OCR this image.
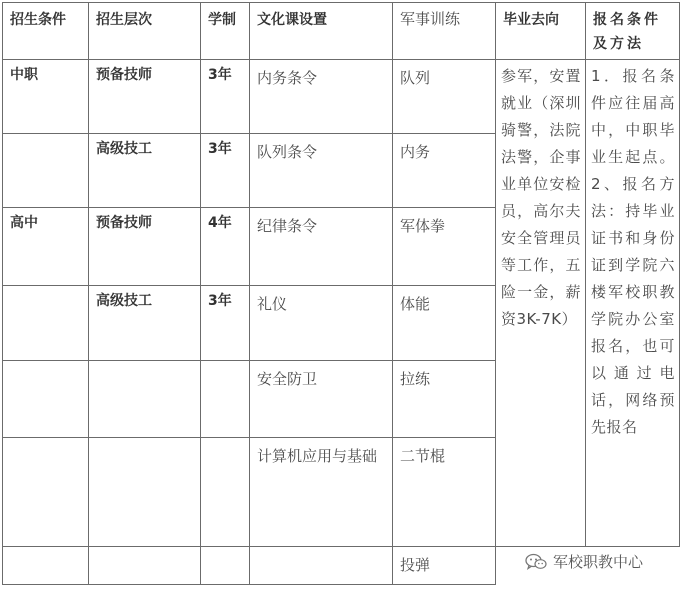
招生条件	招生层次	学制	文化课设置	军事训练	毕业去向	报名条件及方法

中职	预备技师	3年	内务条令	队列	参军，安置就业（深圳骑警，法院法警，企事业单位安检员，高尔夫安全管理员等工作，五险一金，薪资3K-7K）	1．报名条件应往届高中，中职毕业生起点。2、报名方法：持毕业证书和身份证到学院六楼军校职教学院办公室报名，也可以通过电话，网络预先报名

	高级技工	3年	队列条令	内务		

高中	预备技师	4年	纪律条令	军体拳		

	高级技工	3年	礼仪	体能		

			安全防卫	拉练		

			计算机应用与基础	二节棍		

				投弹		
			军校职教中心
